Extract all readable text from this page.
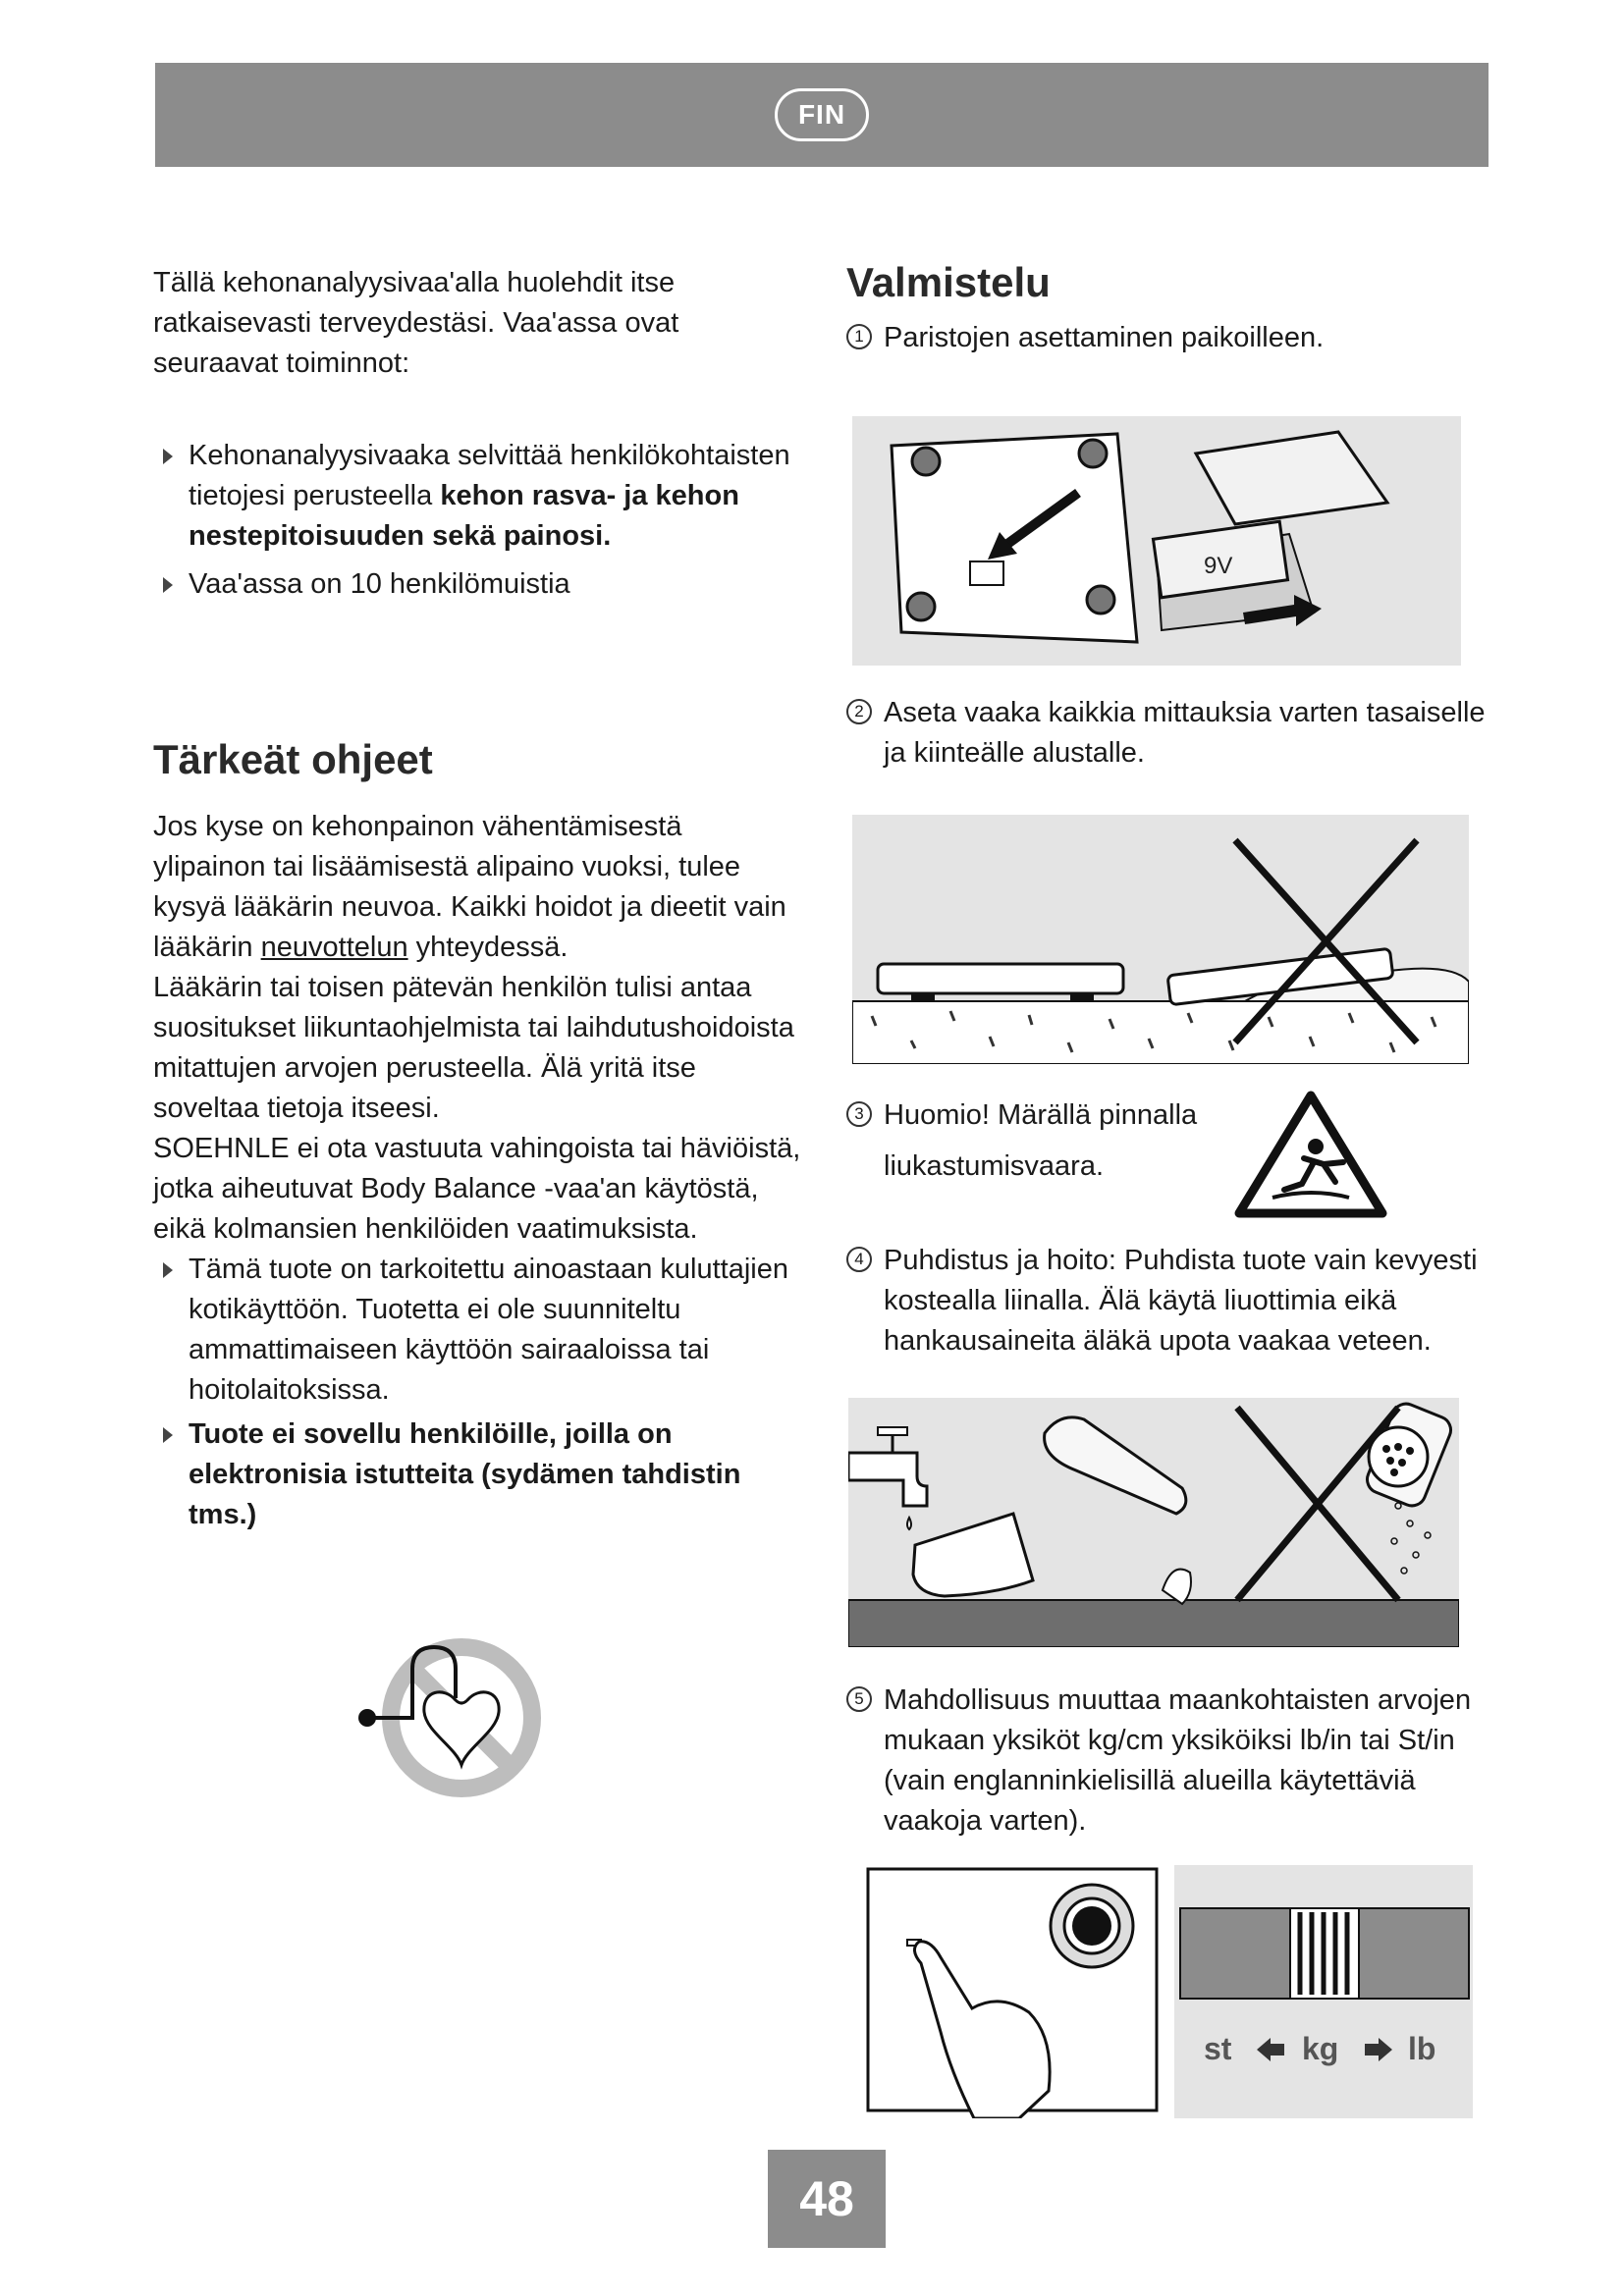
FIN

Tällä kehonanalyysivaa'alla huolehdit itse ratkaisevasti terveydestäsi. Vaa'assa ovat seuraavat toiminnot:

Kehonanalyysivaaka selvittää henkilökohtaisten tietojesi perusteella kehon rasva- ja kehon nestepitoisuuden sekä painosi.
Vaa'assa on 10 henkilömuistia
Tärkeät ohjeet

Jos kyse on kehonpainon vähentämisestä ylipainon tai lisäämisestä alipaino vuoksi, tulee kysyä lääkärin neuvoa. Kaikki hoidot ja dieetit vain lääkärin neuvottelun yhteydessä.

Lääkärin tai toisen pätevän henkilön tulisi antaa suositukset liikuntaohjelmista tai laihdutushoidoista mitattujen arvojen perusteella. Älä yritä itse soveltaa tietoja itseesi.

SOEHNLE ei ota vastuuta vahingoista tai häviöistä, jotka aiheutuvat Body Balance -vaa'an käytöstä, eikä kolmansien henkilöiden vaatimuksista.

Tämä tuote on tarkoitettu ainoastaan kuluttajien kotikäyttöön. Tuotetta ei ole suunniteltu ammattimaiseen käyttöön sairaaloissa tai hoitolaitoksissa.
Tuote ei sovellu henkilöille, joilla on elektronisia istutteita (sydämen tahdistin tms.)
Valmistelu
1 Paristojen asettaminen paikoilleen.
9V
2 Aseta vaaka kaikkia mittauksia varten tasaiselle ja kiinteälle alustalle.
3 Huomio! Märällä pinnalla liukastumisvaara.
4 Puhdistus ja hoito: Puhdista tuote vain kevyesti kostealla liinalla. Älä käytä liuottimia eikä hankausaineita äläkä upota vaakaa veteen.
5 Mahdollisuus muuttaa maankohtaisten arvojen mukaan yksiköt kg/cm yksiköiksi lb/in tai St/in (vain englanninkielisillä alueilla käytettäviä vaakoja varten).
st kg lb
48
